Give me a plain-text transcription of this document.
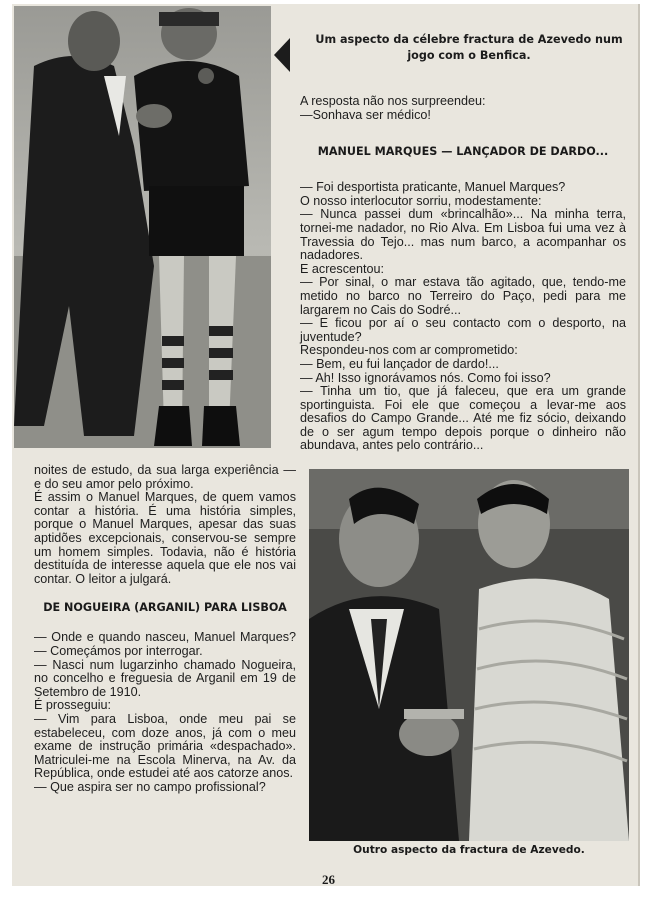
Um aspecto da célebre fractura de Azevedo num jogo com o Benfica.

A resposta não nos surpreendeu:

—Sonhava ser médico!

MANUEL MARQUES — LANÇADOR DE DARDO...

— Foi desportista praticante, Manuel Marques?

O nosso interlocutor sorriu, modestamente:

— Nunca passei dum «brincalhão»... Na minha terra, tornei-me nadador, no Rio Alva. Em Lisboa fui uma vez à Travessia do Tejo... mas num barco, a acompanhar os nadadores.

E acrescentou:

— Por sinal, o mar estava tão agitado, que, tendo-me metido no barco no Terreiro do Paço, pedi para me largarem no Cais do Sodré...

— E ficou por aí o seu contacto com o desporto, na juventude?

Respondeu-nos com ar comprometido:

— Bem, eu fui lançador de dardo!...

— Ah! Isso ignorávamos nós. Como foi isso?

— Tinha um tio, que já faleceu, que era um grande sportinguista. Foi ele que começou a levar-me aos desafios do Campo Grande... Até me fiz sócio, deixando de o ser agum tempo depois porque o dinheiro não abundava, antes pelo contrário...

noites de estudo, da sua larga experiência — e do seu amor pelo próximo.

É assim o Manuel Marques, de quem vamos contar a história. É uma história simples, porque o Manuel Marques, apesar das suas aptidões excepcionais, conservou-se sempre um homem simples. Todavia, não é história destituída de interesse aquela que ele nos vai contar. O leitor a julgará.

DE NOGUEIRA (ARGANIL) PARA LISBOA

— Onde e quando nasceu, Manuel Marques? — Começámos por interrogar.

— Nasci num lugarzinho chamado Nogueira, no concelho e freguesia de Arganil em 19 de Setembro de 1910.

É prosseguiu:

— Vim para Lisboa, onde meu pai se estabeleceu, com doze anos, já com o meu exame de instrução primária «despachado». Matriculei-me na Escola Minerva, na Av. da República, onde estudei até aos catorze anos.

— Que aspira ser no campo profissional?

Outro aspecto da fractura de Azevedo.
26
